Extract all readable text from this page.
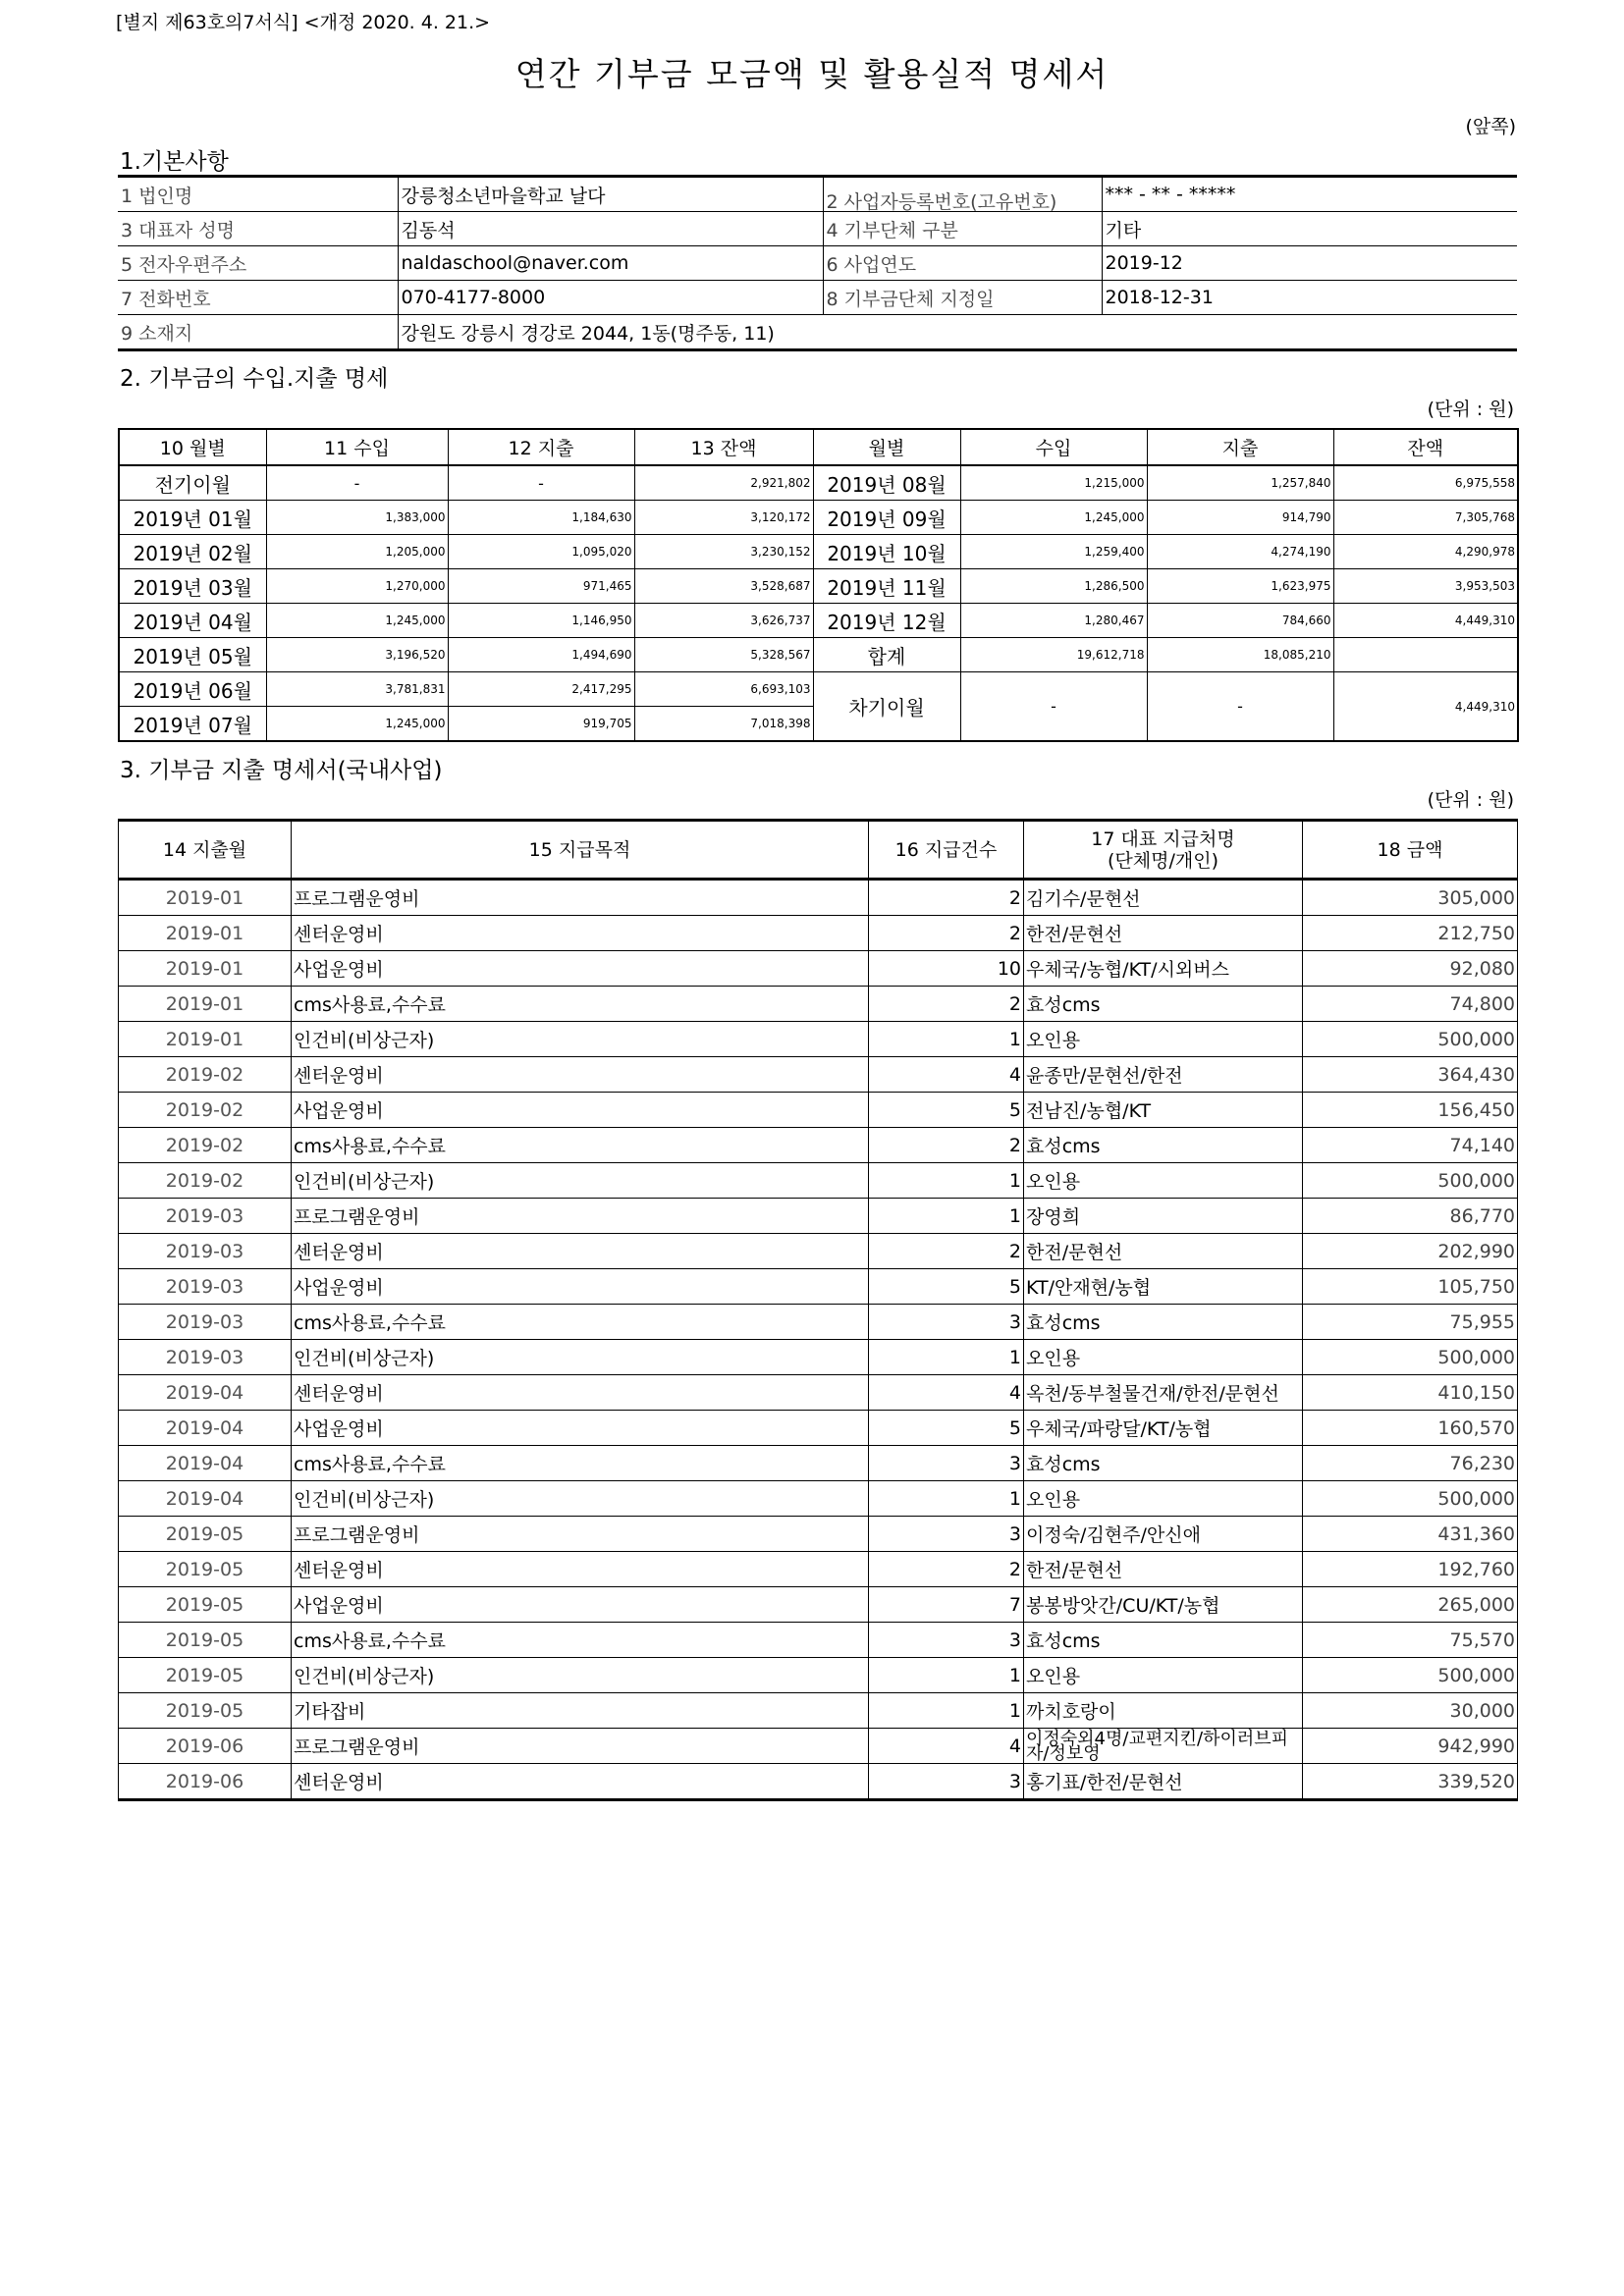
[별지 제63호의7서식] <개정 2020. 4. 21.>
연간 기부금 모금액 및 활용실적 명세서
(앞쪽)
1.기본사항
1 법인명	강릉청소년마을학교 날다	2 사업자등록번호(고유번호)	*** - ** - *****
3 대표자 성명	김동석	4 기부단체 구분	기타
5 전자우편주소	naldaschool@naver.com	6 사업연도	2019-12
7 전화번호	070-4177-8000	8 기부금단체 지정일	2018-12-31
9 소재지	강원도 강릉시 경강로 2044, 1동(명주동, 11)		
2. 기부금의 수입.지출 명세
(단위 : 원)
10 월별	11 수입	12 지출	13 잔액	월별	수입	지출	잔액
전기이월	-	-	2,921,802	2019년 08월	1,215,000	1,257,840	6,975,558
2019년 01월	1,383,000	1,184,630	3,120,172	2019년 09월	1,245,000	914,790	7,305,768
2019년 02월	1,205,000	1,095,020	3,230,152	2019년 10월	1,259,400	4,274,190	4,290,978
2019년 03월	1,270,000	971,465	3,528,687	2019년 11월	1,286,500	1,623,975	3,953,503
2019년 04월	1,245,000	1,146,950	3,626,737	2019년 12월	1,280,467	784,660	4,449,310
2019년 05월	3,196,520	1,494,690	5,328,567	합계	19,612,718	18,085,210	
2019년 06월	3,781,831	2,417,295	6,693,103	차기이월	-	-	4,449,310
2019년 07월	1,245,000	919,705	7,018,398				
3. 기부금 지출 명세서(국내사업)
(단위 : 원)
14 지출월	15 지급목적	16 지급건수	17 대표 지급처명
(단체명/개인)	18 금액
2019-01	프로그램운영비	2	김기수/문현선	305,000
2019-01	센터운영비	2	한전/문현선	212,750
2019-01	사업운영비	10	우체국/농협/KT/시외버스	92,080
2019-01	cms사용료,수수료	2	효성cms	74,800
2019-01	인건비(비상근자)	1	오인용	500,000
2019-02	센터운영비	4	윤종만/문현선/한전	364,430
2019-02	사업운영비	5	전남진/농협/KT	156,450
2019-02	cms사용료,수수료	2	효성cms	74,140
2019-02	인건비(비상근자)	1	오인용	500,000
2019-03	프로그램운영비	1	장영희	86,770
2019-03	센터운영비	2	한전/문현선	202,990
2019-03	사업운영비	5	KT/안재현/농협	105,750
2019-03	cms사용료,수수료	3	효성cms	75,955
2019-03	인건비(비상근자)	1	오인용	500,000
2019-04	센터운영비	4	옥천/동부철물건재/한전/문현선	410,150
2019-04	사업운영비	5	우체국/파랑달/KT/농협	160,570
2019-04	cms사용료,수수료	3	효성cms	76,230
2019-04	인건비(비상근자)	1	오인용	500,000
2019-05	프로그램운영비	3	이정숙/김현주/안신애	431,360
2019-05	센터운영비	2	한전/문현선	192,760
2019-05	사업운영비	7	봉봉방앗간/CU/KT/농협	265,000
2019-05	cms사용료,수수료	3	효성cms	75,570
2019-05	인건비(비상근자)	1	오인용	500,000
2019-05	기타잡비	1	까치호랑이	30,000
2019-06	프로그램운영비	4	이정숙외4명/교편지킨/하이러브피자/정보영	942,990
2019-06	센터운영비	3	홍기표/한전/문현선	339,520
